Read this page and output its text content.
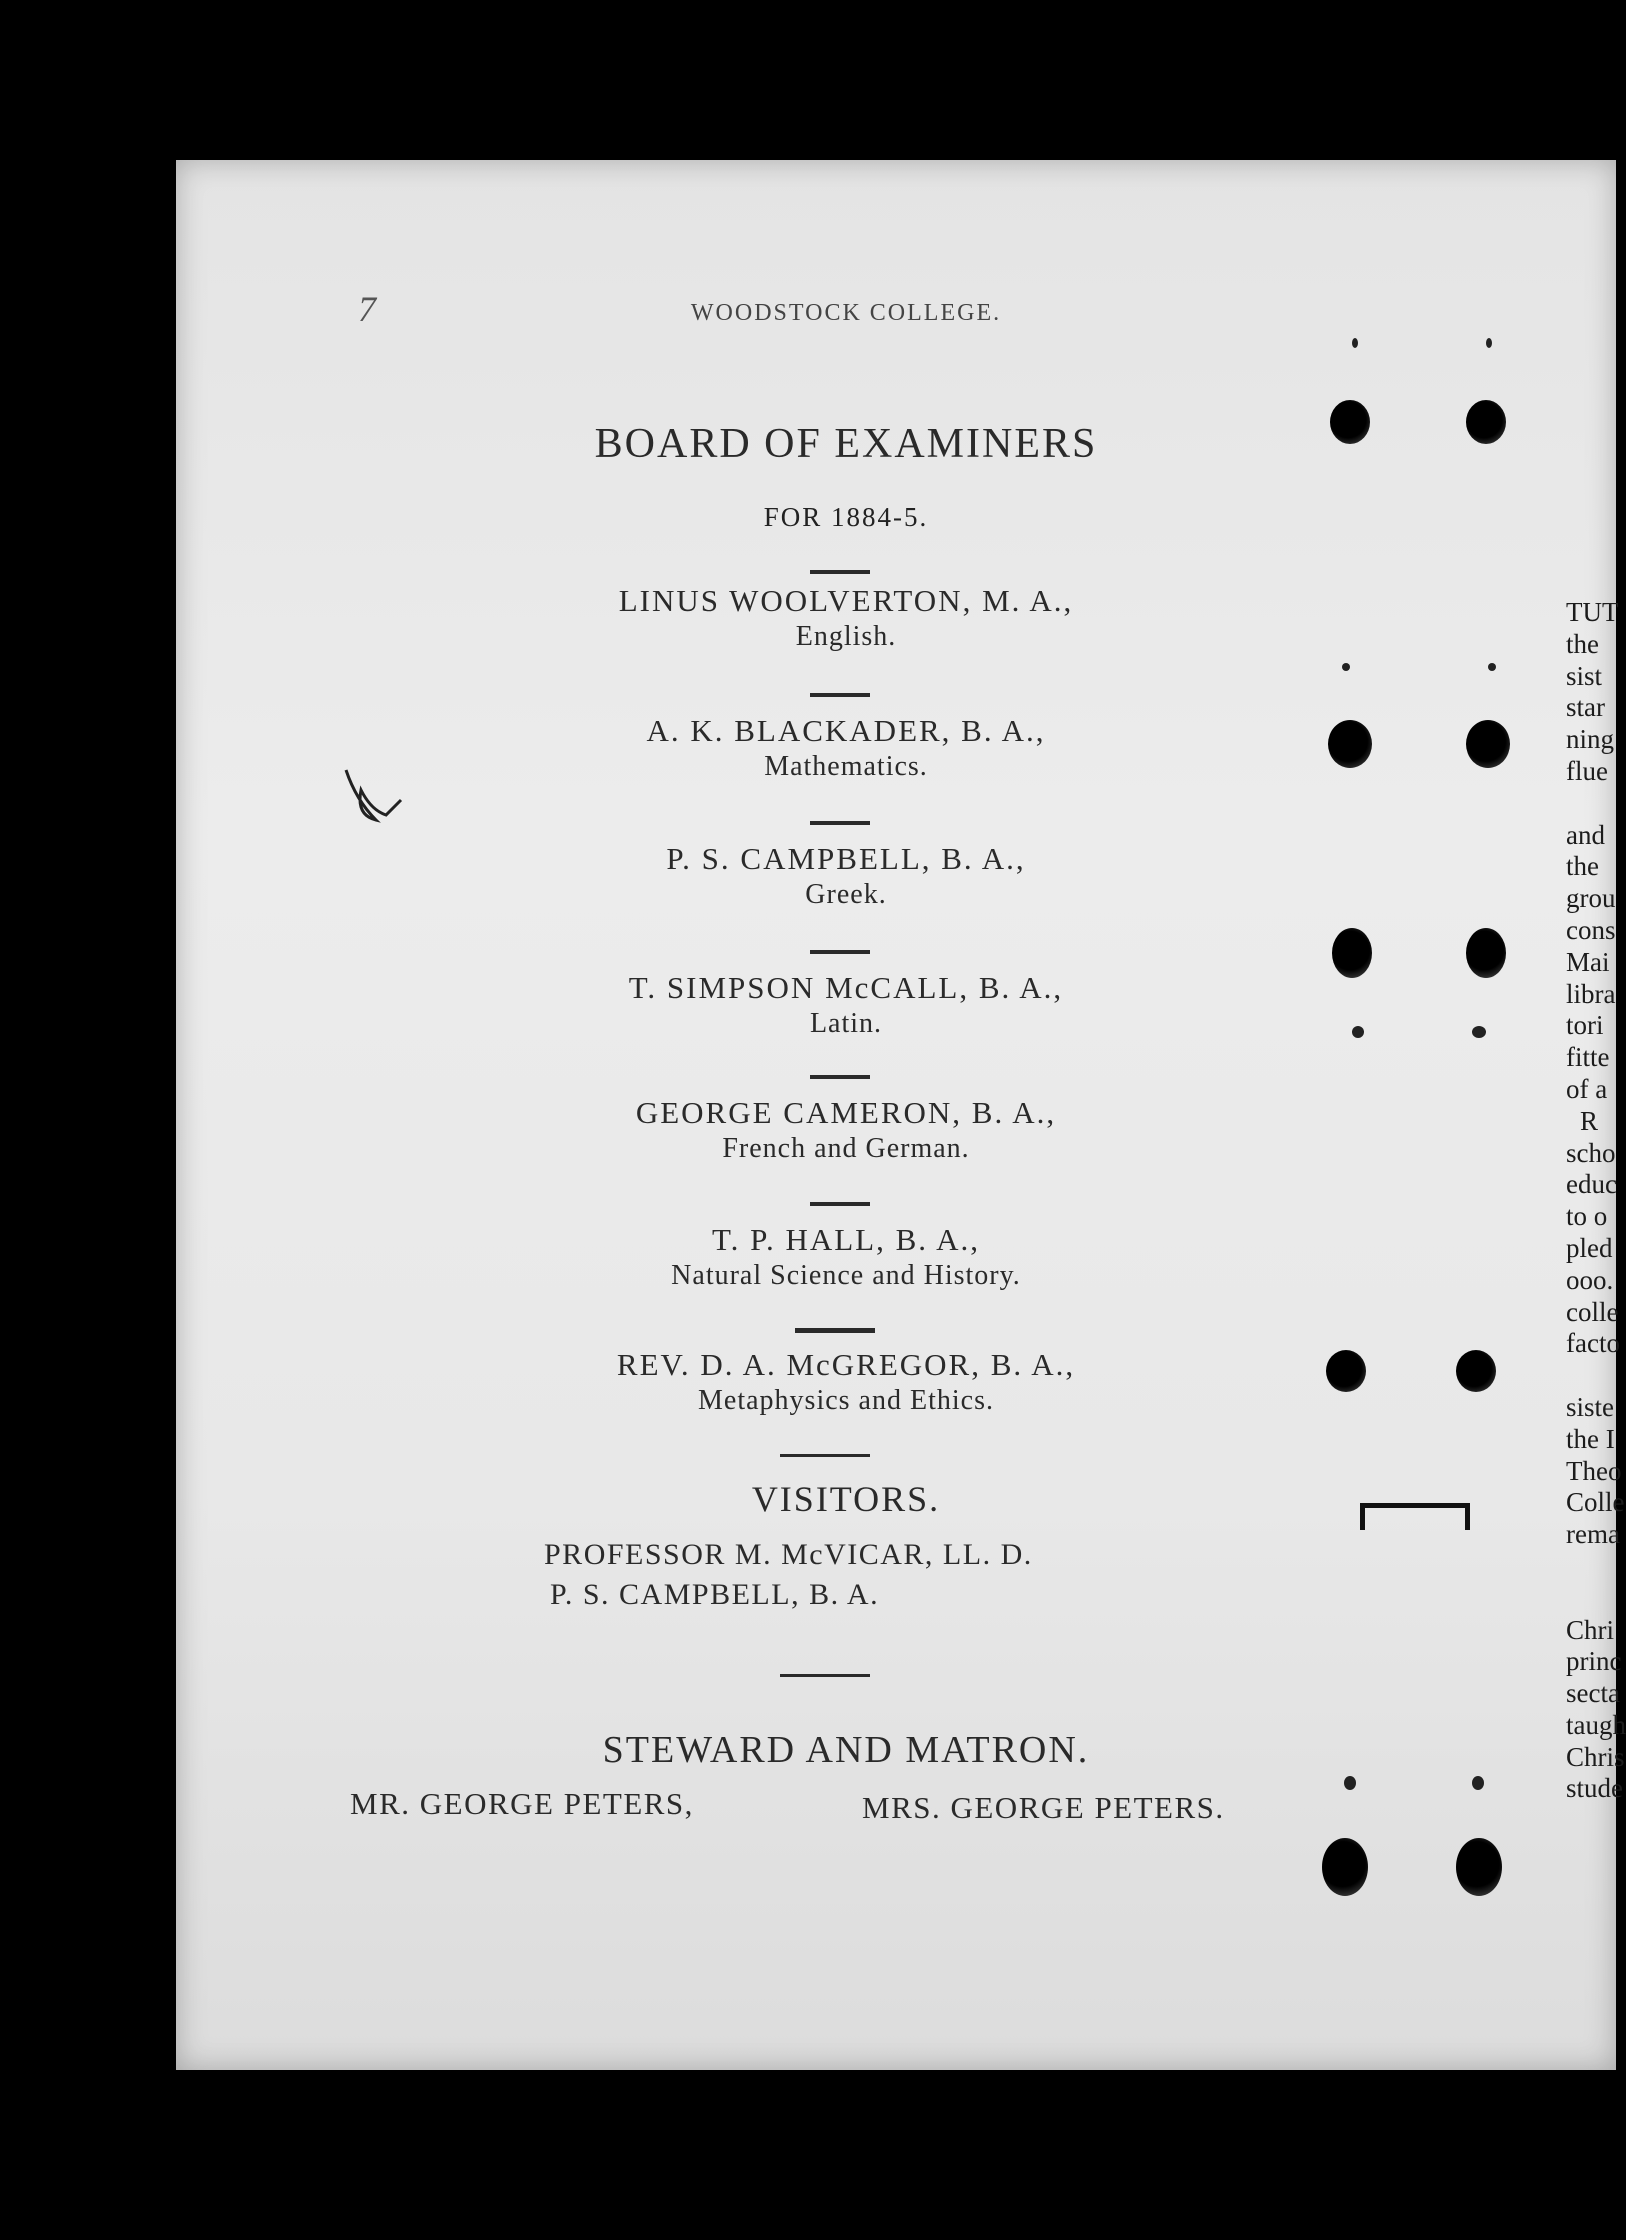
7	WOODSTOCK COLLEGE.
BOARD OF EXAMINERS
FOR 1884-5.
LINUS WOOLVERTON, M. A.,
English.
A. K. BLACKADER, B. A.,
Mathematics.
P. S. CAMPBELL, B. A.,
Greek.
T. SIMPSON McCALL, B. A.,
Latin.
GEORGE CAMERON, B. A.,
French and German.
T. P. HALL, B. A.,
Natural Science and History.
REV. D. A. McGREGOR, B. A.,
Metaphysics and Ethics.
VISITORS.
PROFESSOR M. McVICAR, LL. D.
P. S. CAMPBELL, B. A.
STEWARD AND MATRON.
MR. GEORGE PETERS,	MRS. GEORGE PETERS.
TUT
the
sist
star
ning
flue
and
the
grou
cons
Mai
libra
tori
fitte
of a
R
scho
educ
to o
pled
ooo.
colle
facto
siste
the I
Theo
Colle
rema
Chri
princ
secta
taugh
Chris
stude
